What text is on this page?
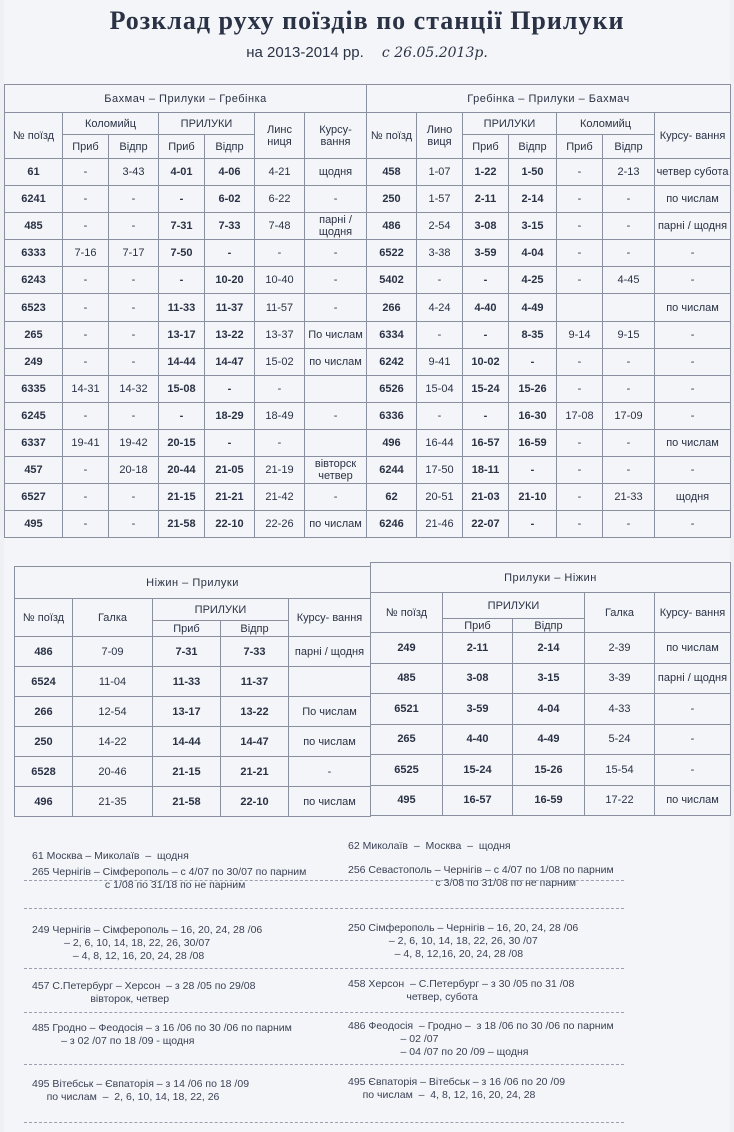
Розклад руху поїздів по станції Прилуки
на 2013-2014 рр. с 26.05.2013р.
Бахмач – Прилуки – Гребінка						
№ поїзд	Коломийц		ПРИЛУКИ		Линс ниця	Курсу- вання
	Приб	Відпр	Приб	Відпр		
61	-	3-43	4-01	4-06	4-21	щодня
6241	-	-	-	6-02	6-22	-
485	-	-	7-31	7-33	7-48	парні / щодня
6333	7-16	7-17	7-50	-	-	-
6243	-	-	-	10-20	10-40	-
6523	-	-	11-33	11-37	11-57	-
265	-	-	13-17	13-22	13-37	По числам
249	-	-	14-44	14-47	15-02	по числам
6335	14-31	14-32	15-08	-	-	
6245	-	-	-	18-29	18-49	-
6337	19-41	19-42	20-15	-	-	
457	-	20-18	20-44	21-05	21-19	вівторск четвер
6527	-	-	21-15	21-21	21-42	-
495	-	-	21-58	22-10	22-26	по числам
Гребінка – Прилуки – Бахмач						
№ поїзд	Лино виця	ПРИЛУКИ		Коломийц		Курсу- вання
		Приб	Відпр	Приб	Відпр	
458	1-07	1-22	1-50	-	2-13	четвер субота
250	1-57	2-11	2-14	-	-	по числам
486	2-54	3-08	3-15	-	-	парні / щодня
6522	3-38	3-59	4-04	-	-	-
5402	-	-	4-25	-	4-45	-
266	4-24	4-40	4-49			по числам
6334	-	-	8-35	9-14	9-15	-
6242	9-41	10-02	-	-	-	-
6526	15-04	15-24	15-26	-	-	-
6336	-	-	16-30	17-08	17-09	-
496	16-44	16-57	16-59	-	-	по числам
6244	17-50	18-11	-	-	-	-
62	20-51	21-03	21-10	-	21-33	щодня
6246	21-46	22-07	-	-	-	-
Ніжин – Прилуки				
№ поїзд	Галка	ПРИЛУКИ		Курсу- вання
		Приб	Відпр	
486	7-09	7-31	7-33	парні / щодня
6524	11-04	11-33	11-37	
266	12-54	13-17	13-22	По числам
250	14-22	14-44	14-47	по числам
6528	20-46	21-15	21-21	-
496	21-35	21-58	22-10	по числам
Прилуки – Ніжин				
№ поїзд	ПРИЛУКИ		Галка	Курсу- вання
	Приб	Відпр		
249	2-11	2-14	2-39	по числам
485	3-08	3-15	3-39	парні / щодня
6521	3-59	4-04	4-33	-
265	4-40	4-49	5-24	-
6525	15-24	15-26	15-54	-
495	16-57	16-59	17-22	по числам
61 Москва – Миколаїв  –  щодня
62 Миколаїв  –  Москва  –  щодня
265 Чернігів – Сімферополь – с 4/07 по 30/07 по парним
с 1/08 по 31/18 по не парним
256 Севастополь – Чернігів – с 4/07 по 1/08 по парним
с 3/08 по 31/08 по не парним
249 Чернігів – Сімферополь – 16, 20, 24, 28 /06
– 2, 6, 10, 14, 18, 22, 26, 30/07
– 4, 8, 12, 16, 20, 24, 28 /08
250 Сімферополь – Чернігів – 16, 20, 24, 28 /06
– 2, 6, 10, 14, 18, 22, 26, 30 /07
– 4, 8, 12,16, 20, 24, 28 /08
457 С.Петербург – Херсон  – з 28 /05 по 29/08
вівторок, четвер
458 Херсон  – С.Петербург – з 30 /05 по 31 /08
четвер, субота
485 Гродно – Феодосія – з 16 /06 по 30 /06 по парним
– з 02 /07 по 18 /09 - щодня
486 Феодосія  – Гродно –  з 18 /06 по 30 /06 по парним
– 02 /07
– 04 /07 по 20 /09 – щодня
495 Вітебськ – Євпаторія – з 14 /06 по 18 /09
по числам  –  2, 6, 10, 14, 18, 22, 26
495 Євпаторія – Вітебськ – з 16 /06 по 20 /09
по числам  –  4, 8, 12, 16, 20, 24, 28
